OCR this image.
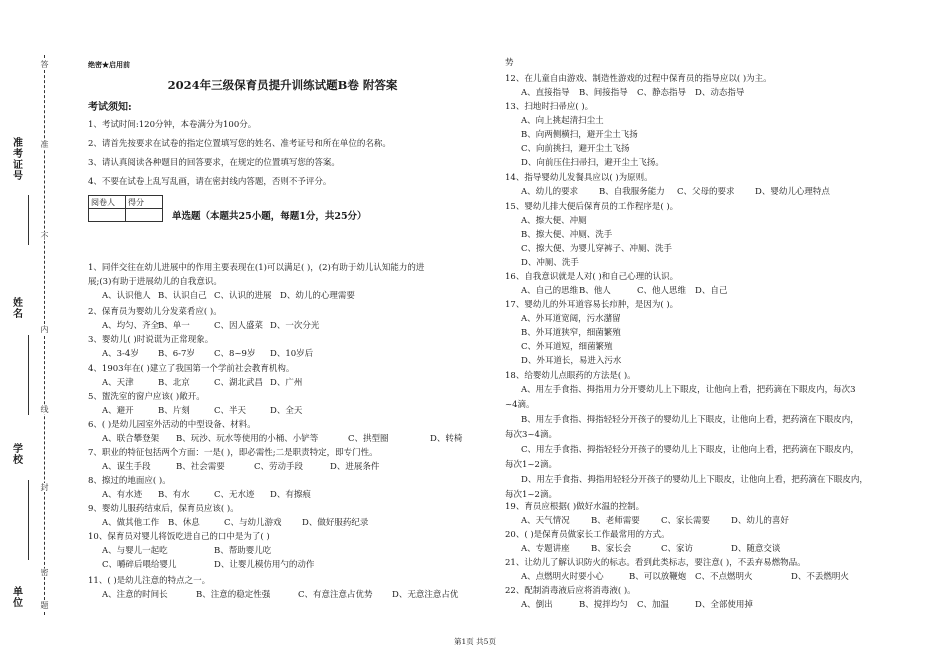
准
考
证
号
姓
名
学
校
单
位
答
准
不
内
线
封
密
题
绝密★启用前
2024年三级保育员提升训练试题B卷 附答案
考试须知:
1、考试时间:120分钟，本卷满分为100分。
2、请首先按要求在试卷的指定位置填写您的姓名、准考证号和所在单位的名称。
3、请认真阅读各种题目的回答要求，在规定的位置填写您的答案。
4、不要在试卷上乱写乱画，请在密封线内答题，否则不予评分。
阅卷人	得分

单选题（本题共25小题，每题1分，共25分）
1、同伴交往在幼儿进展中的作用主要表现在(1)可以满足( )，(2)有助于幼儿认知能力的进
展;(3)有助于进展幼儿的自我意识。
A、认识他人 B、认识自己 C、认识的进展 D、幼儿的心理需要
2、保育员为婴幼儿分发菜肴应( )。
A、均匀、齐全
B、单一	C、因人盛菜 D、一次分光
3、婴幼儿( )时说谎为正常现象。
A、3-4岁 B、6-7岁 C、8~9岁 D、10岁后
4、1903年在( )建立了我国第一个学前社会教育机构。
A、天津	B、北京	C、湖北武昌 D、广州
5、盥洗室的窗户应该( )敞开。
A、避开	B、片刻	C、半天	D、全天
6、( )是幼儿园室外活动的中型设备、材料。
A、联合攀登架 B、玩沙、玩水等使用的小桶、小铲等	C、拱型圈	D、转椅
7、职业的特征包括两个方面：一是( )，即必需性;二是职责特定，即专门性。
A、谋生手段	B、社会需要	C、劳动手段	D、进展条件
8、擦过的地面应( )。
A、有水迹 B、有水	C、无水迹 D、有擦痕
9、婴幼儿服药结束后，保育员应该( )。
A、做其他工作 B、休息	C、与幼儿游戏 D、做好服药纪录
10、保育员对婴儿将饭吃进自己的口中是为了( )
A、与婴儿一起吃	B、帮助婴儿吃
C、嚼碎后喂给婴儿	D、让婴儿模仿用勺的动作
11、( )是幼儿注意的特点之一。
A、注意的时间长	B、注意的稳定性强	C、有意注意占优势 D、无意注意占优
势
12、在儿童自由游戏、制造性游戏的过程中保育员的指导应以( )为主。
A、直接指导 B、间接指导 C、静态指导 D、动态指导
13、扫地时扫帚应( )。
A、向上挑起清扫尘土
B、向两侧横扫，避开尘土飞扬
C、向前挑扫，避开尘土飞扬
D、向前压住扫帚扫，避开尘土飞扬。
14、指导婴幼儿发餐具应以( )为原则。
A、幼儿的要求 B、自我服务能力 C、父母的要求 D、婴幼儿心理特点
15、婴幼儿排大便后保育员的工作程序是( )。
A、擦大便、冲厕
B、擦大便、冲厕、洗手
C、擦大便、为婴儿穿裤子、冲厕、洗手
D、冲厕、洗手
16、自我意识就是人对( )和自己心理的认识。
A、自己的思维 B、他人	C、他人思维 D、自己
17、婴幼儿的外耳道容易长疖肿，是因为( )。
A、外耳道宽阔，污水潴留
B、外耳道狭窄，细菌繁殖
C、外耳道短，细菌繁殖
D、外耳道长，易进入污水
18、给婴幼儿点眼药的方法是( )。
A、用左手食指、拇指用力分开婴幼儿上下眼皮，让他向上看，把药滴在下眼皮内，每次3
~4滴。
B、用左手食指、拇指轻轻分开孩子的婴幼儿上下眼皮，让他向上看，把药滴在下眼皮内，
每次3~4滴。
C、用左手食指、拇指轻轻分开孩子的婴幼儿上下眼皮，让他向上看，把药滴在下眼皮内，
每次1~2滴。
D、用左手食指、拇指用轻轻分开孩子的婴幼儿上下眼皮，让他向上看，把药滴在下眼皮内，
每次1~2滴。
19、育员应根据( )做好水温的控制。
A、天气情况	B、老师需要	C、家长需要 D、幼儿的喜好
20、( )是保育员做家长工作最常用的方式。
A、专题讲座	B、家长会	C、家访	D、随意交谈
21、让幼儿了解认识防火的标志。看到此类标志，要注意( )，不丢弃易燃物品。
A、点燃明火时要小心	B、可以放鞭炮 C、不点燃明火	D、不丢燃明火
22、配制消毒液后应将消毒液( )。
A、倒出	B、搅拌均匀 C、加温	D、全部使用掉
第1页 共5页
